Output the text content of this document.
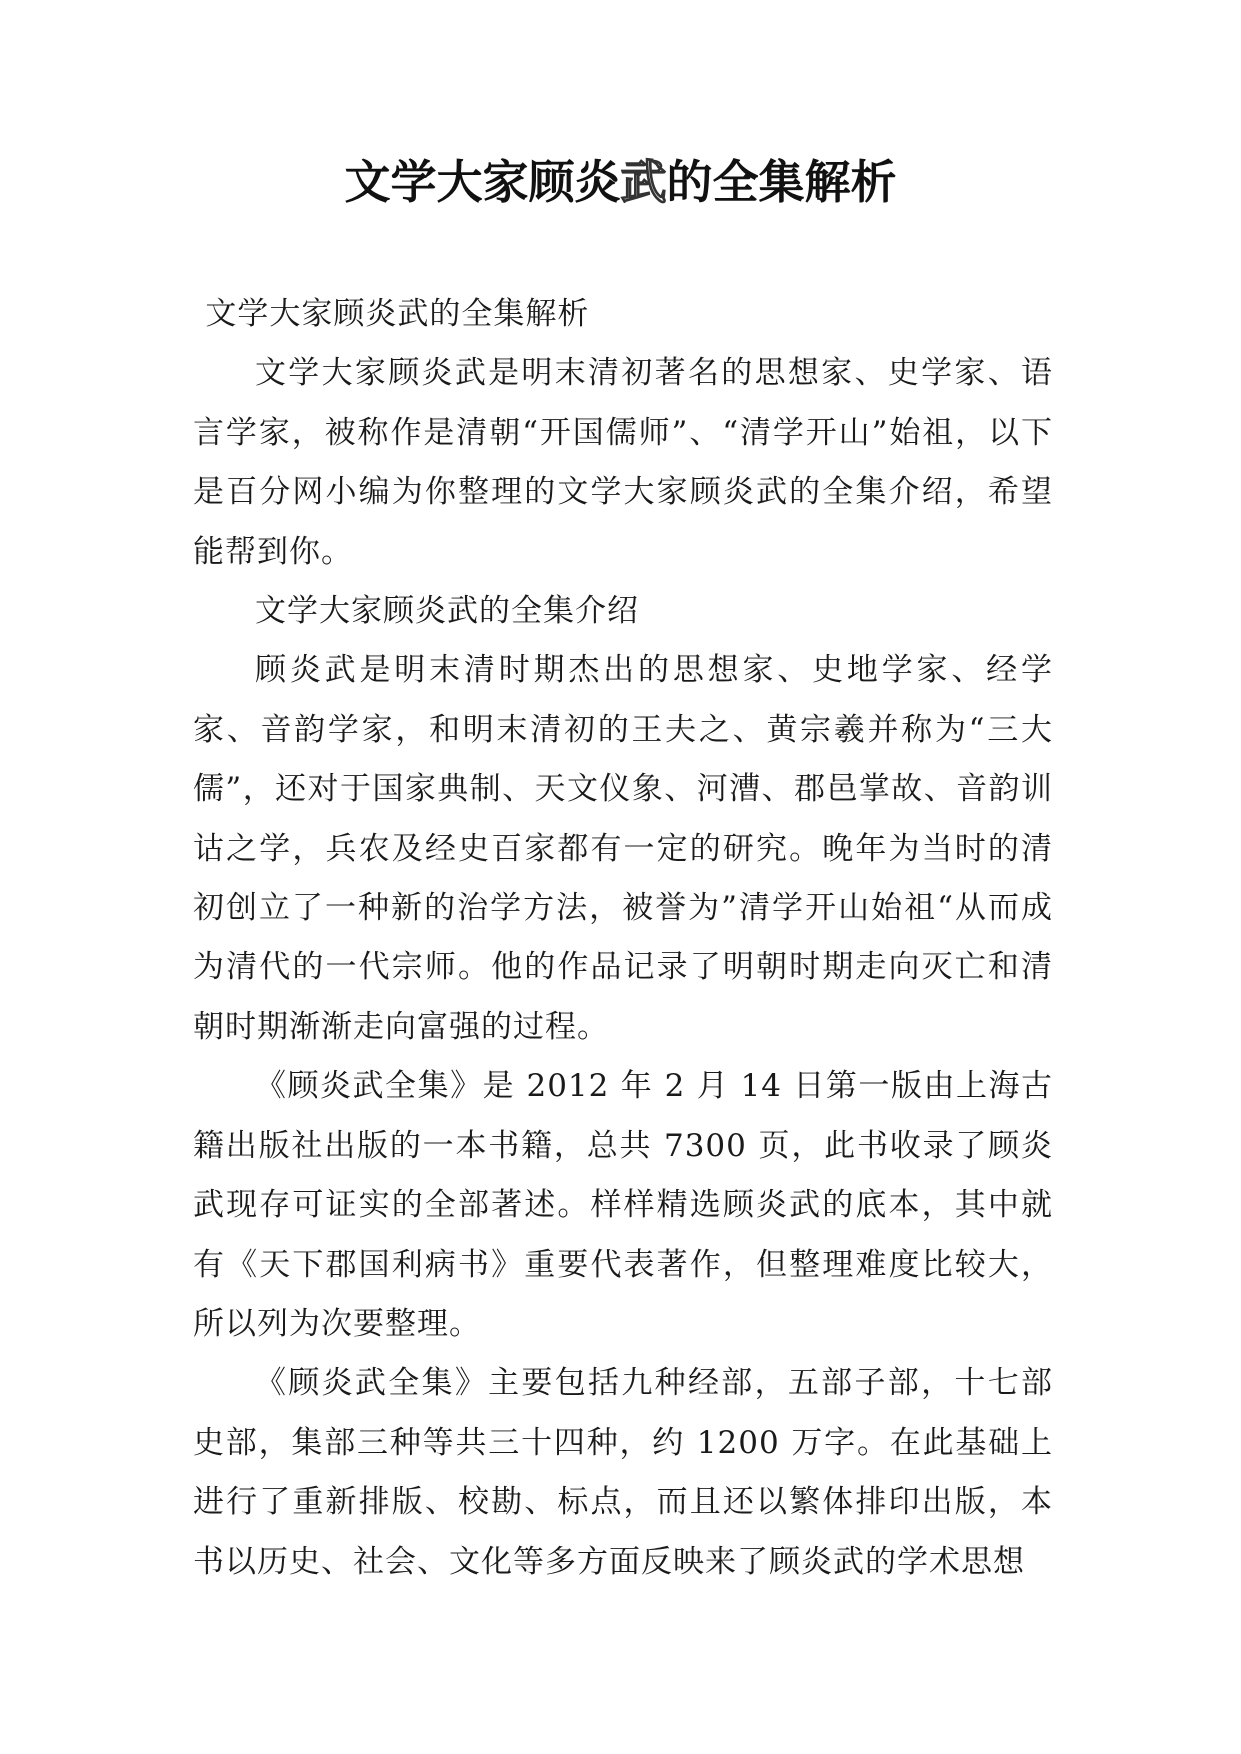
文学大家顾炎武的全集解析

文学大家顾炎武的全集解析

文学大家顾炎武是明末清初著名的思想家、史学家、语言学家，被称作是清朝“开国儒师”、“清学开山”始祖，以下是百分网小编为你整理的文学大家顾炎武的全集介绍，希望能帮到你。

文学大家顾炎武的全集介绍

顾炎武是明末清时期杰出的思想家、史地学家、经学家、音韵学家，和明末清初的王夫之、黄宗羲并称为“三大儒”，还对于国家典制、天文仪象、河漕、郡邑掌故、音韵训诂之学，兵农及经史百家都有一定的研究。晚年为当时的清初创立了一种新的治学方法，被誉为”清学开山始祖“从而成为清代的一代宗师。他的作品记录了明朝时期走向灭亡和清朝时期渐渐走向富强的过程。

《顾炎武全集》是 2012 年 2 月 14 日第一版由上海古籍出版社出版的一本书籍，总共 7300 页，此书收录了顾炎武现存可证实的全部著述。样样精选顾炎武的底本，其中就有《天下郡国利病书》重要代表著作，但整理难度比较大，所以列为次要整理。

《顾炎武全集》主要包括九种经部，五部子部，十七部史部，集部三种等共三十四种，约 1200 万字。在此基础上进行了重新排版、校勘、标点，而且还以繁体排印出版，本书以历史、社会、文化等多方面反映来了顾炎武的学术思想
